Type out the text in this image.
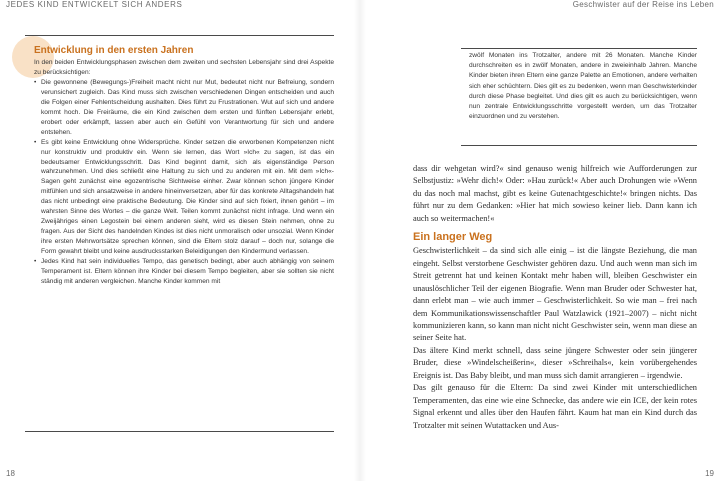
JEDES KIND ENTWICKELT SICH ANDERS	Geschwister auf der Reise ins Leben
Entwicklung in den ersten Jahren

In den beiden Entwicklungsphasen zwischen dem zweiten und sechsten Lebensjahr sind drei Aspekte zu berücksichtigen:

• Die gewonnene (Bewegungs-)Freiheit macht nicht nur Mut, bedeutet nicht nur Befreiung, sondern verunsichert zugleich. Das Kind muss sich zwischen verschiedenen Dingen entscheiden und auch die Folgen einer Fehlentscheidung aushalten. Dies führt zu Frustrationen. Wut auf sich und andere kommt hoch. Die Freiräume, die ein Kind zwischen dem ersten und fünften Lebensjahr erlebt, erobert oder erkämpft, lassen aber auch ein Gefühl von Verantwortung für sich und andere entstehen.
• Es gibt keine Entwicklung ohne Widersprüche. Kinder setzen die erworbenen Kompetenzen nicht nur konstruktiv und produktiv ein. Wenn sie lernen, das Wort »Ich« zu sagen, ist das ein bedeutsamer Entwicklungsschritt. Das Kind beginnt damit, sich als eigenständige Person wahrzunehmen. Und dies schließt eine Haltung zu sich und zu anderen mit ein. Mit dem »Ich«-Sagen geht zunächst eine egozentrische Sichtweise einher. Zwar können schon jüngere Kinder mitfühlen und sich ansatzweise in andere hineinversetzen, aber für das konkrete Alltagshandeln hat das nicht unbedingt eine praktische Bedeutung. Die Kinder sind auf sich fixiert, ihnen gehört – im wahrsten Sinne des Wortes – die ganze Welt. Teilen kommt zunächst nicht infrage. Und wenn ein Zweijähriges einen Legostein bei einem anderen sieht, wird es diesen Stein nehmen, ohne zu fragen. Aus der Sicht des handelnden Kindes ist dies nicht unmoralisch oder unsozial. Wenn Kinder ihre ersten Mehrwortsätze sprechen können, sind die Eltern stolz darauf – doch nur, solange die Form gewahrt bleibt und keine ausdrucksstarken Beleidigungen den Kindermund verlassen.
• Jedes Kind hat sein individuelles Tempo, das genetisch bedingt, aber auch abhängig von seinem Temperament ist. Eltern können ihre Kinder bei diesem Tempo begleiten, aber sie sollten sie nicht ständig mit anderen vergleichen. Manche Kinder kommen mit

zwölf Monaten ins Trotzalter, andere mit 26 Monaten. Manche Kinder durchschreiten es in zwölf Monaten, andere in zweieinhalb Jahren. Manche Kinder bieten ihren Eltern eine ganze Palette an Emotionen, andere verhalten sich eher schüchtern. Dies gilt es zu bedenken, wenn man Geschwisterkinder durch diese Phase begleitet. Und dies gilt es auch zu berücksichtigen, wenn nun zentrale Entwicklungsschritte vorgestellt werden, um das Trotzalter einzuordnen und zu verstehen.

dass dir wehgetan wird?« sind genauso wenig hilfreich wie Aufforderungen zur Selbstjustiz: »Wehr dich!« Oder: »Hau zurück!« Aber auch Drohungen wie »Wenn du das noch mal machst, gibt es keine Gutenachtgeschichte!« bringen nichts. Das führt nur zu dem Gedanken: »Hier hat mich sowieso keiner lieb. Dann kann ich auch so weitermachen!«

Ein langer Weg

Geschwisterlichkeit – da sind sich alle einig – ist die längste Beziehung, die man eingeht. Selbst verstorbene Geschwister gehören dazu. Und auch wenn man sich im Streit getrennt hat und keinen Kontakt mehr haben will, bleiben Geschwister ein unauslöschlicher Teil der eigenen Biografie. Wenn man Bruder oder Schwester hat, dann erlebt man – wie auch immer – Geschwisterlichkeit. So wie man – frei nach dem Kommunikationswissenschaftler Paul Watzlawick (1921–2007) – nicht nicht kommunizieren kann, so kann man nicht nicht Geschwister sein, wenn man diese an seiner Seite hat.

Das ältere Kind merkt schnell, dass seine jüngere Schwester oder sein jüngerer Bruder, diese »Windelscheißerin«, dieser »Schreihals«, kein vorübergehendes Ereignis ist. Das Baby bleibt, und man muss sich damit arrangieren – irgendwie.

Das gilt genauso für die Eltern: Da sind zwei Kinder mit unterschiedlichen Temperamenten, das eine wie eine Schnecke, das andere wie ein ICE, der kein rotes Signal erkennt und alles über den Haufen fährt. Kaum hat man ein Kind durch das Trotzalter mit seinen Wutattacken und Aus-

18	19
